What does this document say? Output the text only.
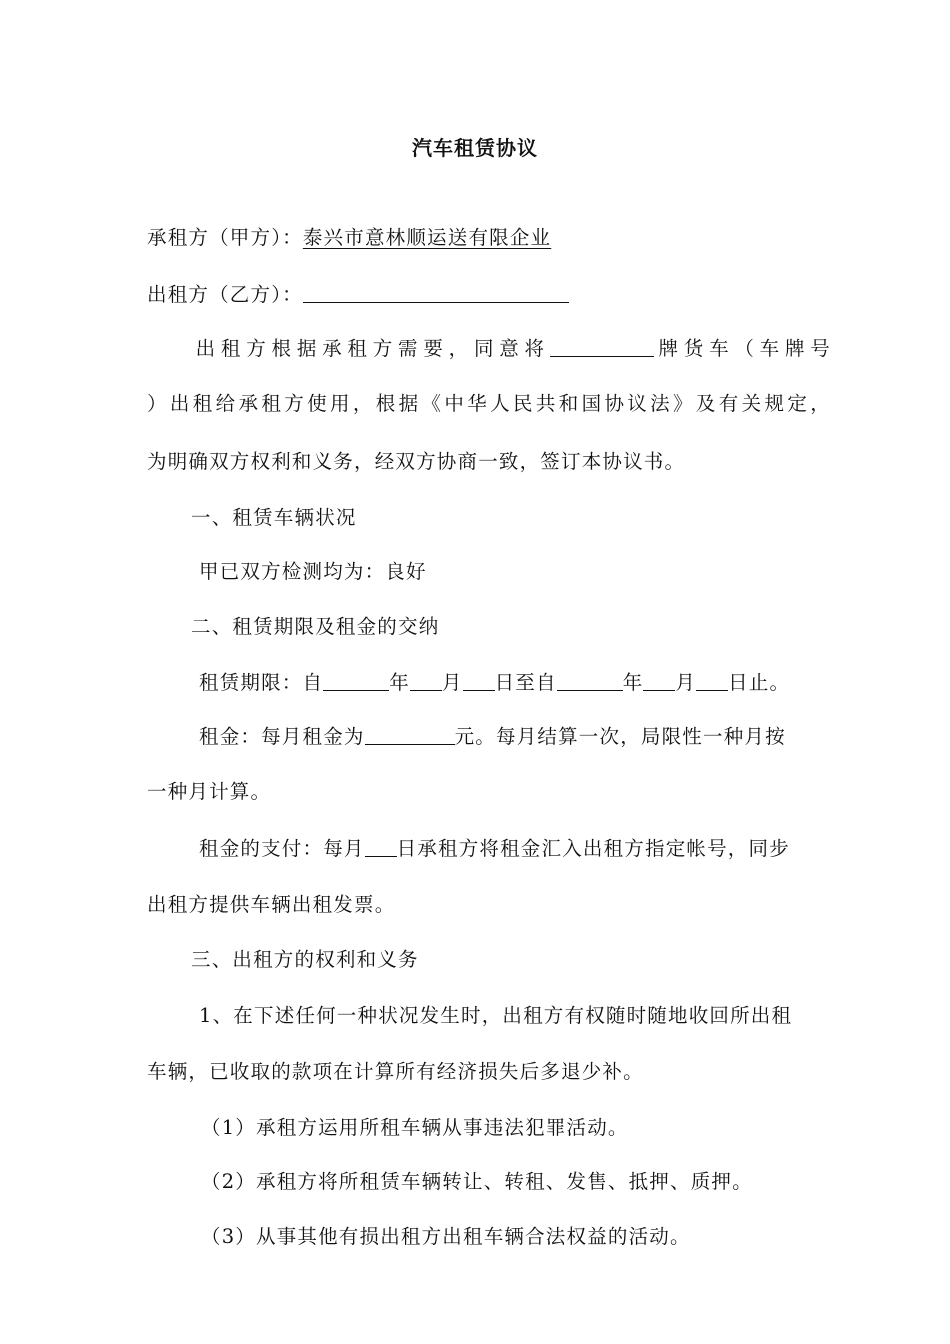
汽车租赁协议
承租方（甲方）：泰兴市意林顺运送有限企业
出租方（乙方）：
出租方根据承租方需要，同意将	牌货车（车牌号
）出租给承租方使用，根据《中华人民共和国协议法》及有关规定，
为明确双方权利和义务，经双方协商一致，签订本协议书。
一、租赁车辆状况
甲已双方检测均为：良好
二、租赁期限及租金的交纳
租赁期限：自	年 月 日至自	年 月 日止。
租金：每月租金为	元。每月结算一次，局限性一种月按
一种月计算。
租金的支付：每月 日承租方将租金汇入出租方指定帐号，同步
出租方提供车辆出租发票。
三、出租方的权利和义务
1、在下述任何一种状况发生时，出租方有权随时随地收回所出租
车辆，已收取的款项在计算所有经济损失后多退少补。
（1）承租方运用所租车辆从事违法犯罪活动。
（2）承租方将所租赁车辆转让、转租、发售、抵押、质押。
（3）从事其他有损出租方出租车辆合法权益的活动。
